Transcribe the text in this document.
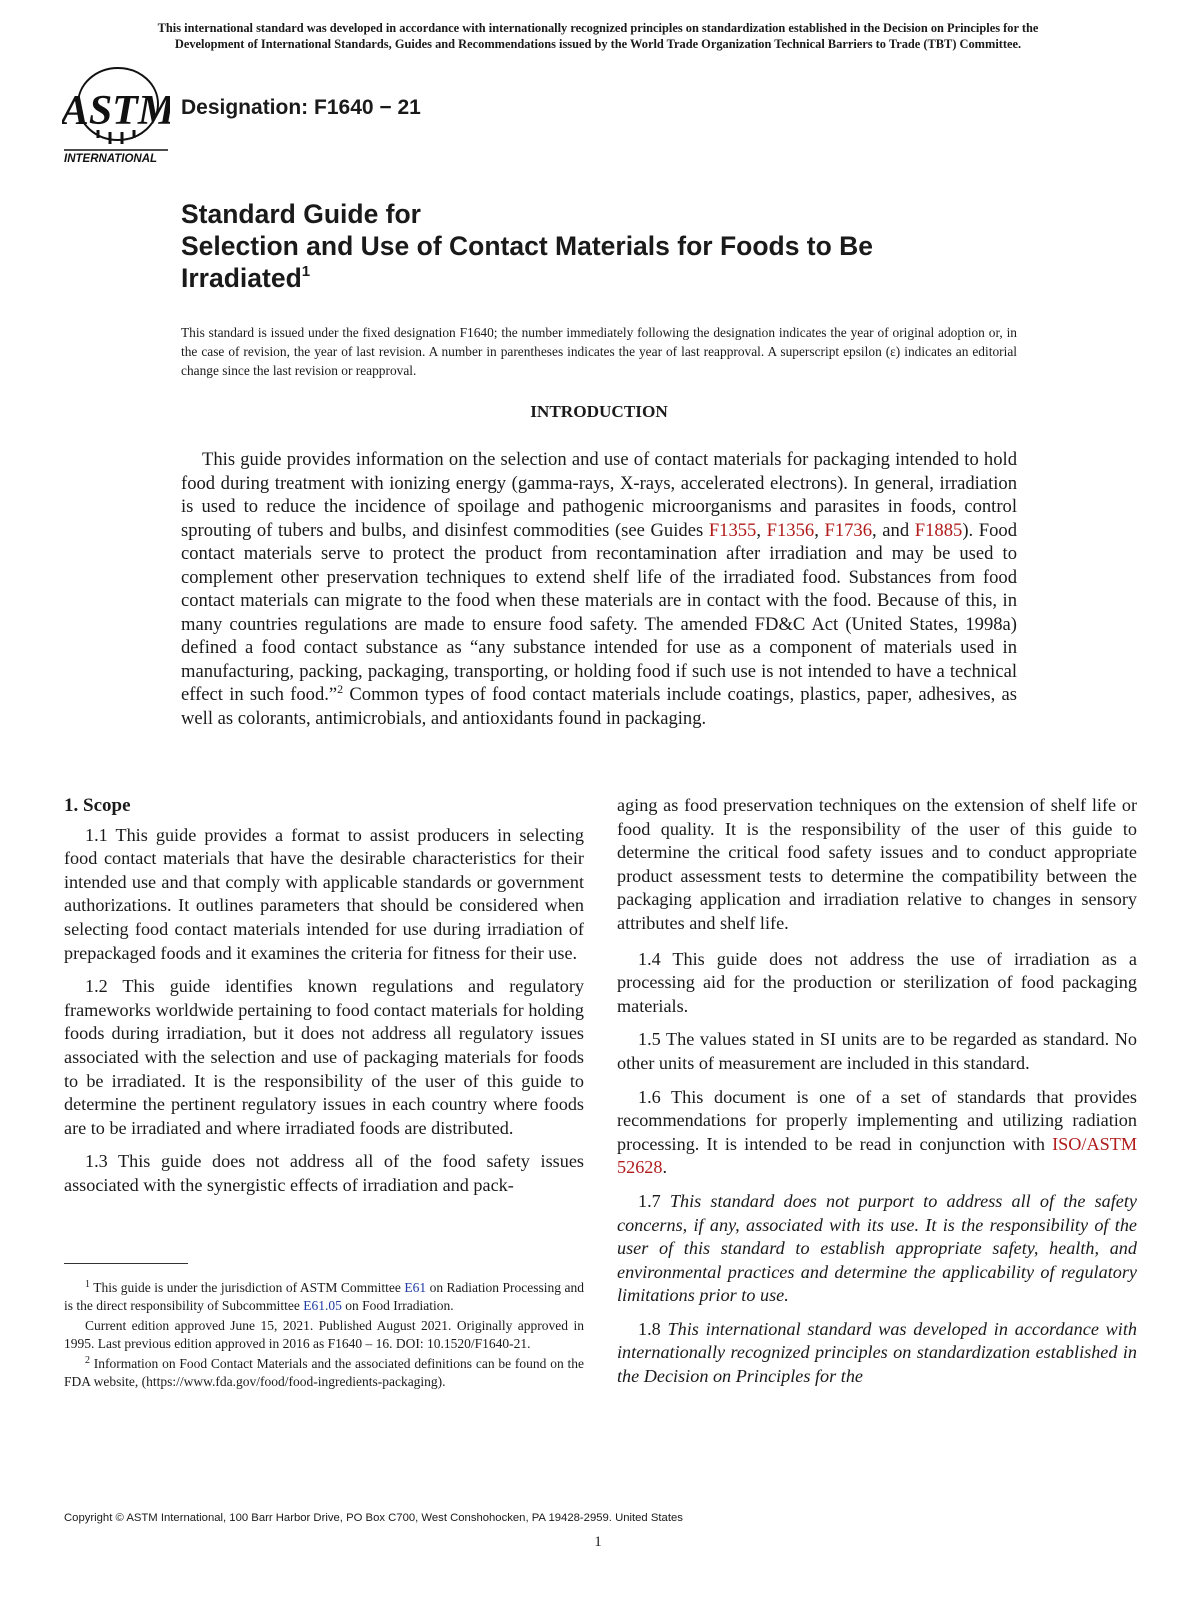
This international standard was developed in accordance with internationally recognized principles on standardization established in the Decision on Principles for the
Development of International Standards, Guides and Recommendations issued by the World Trade Organization Technical Barriers to Trade (TBT) Committee.
ASTM
INTERNATIONAL
Designation: F1640 − 21
Standard Guide for
Selection and Use of Contact Materials for Foods to Be
Irradiated$^1$
This standard is issued under the fixed designation F1640; the number immediately following the designation indicates the year of original adoption or, in the case of revision, the year of last revision. A number in parentheses indicates the year of last reapproval. A superscript epsilon (ε) indicates an editorial change since the last revision or reapproval.
INTRODUCTION

This guide provides information on the selection and use of contact materials for packaging intended to hold food during treatment with ionizing energy (gamma-rays, X-rays, accelerated electrons). In general, irradiation is used to reduce the incidence of spoilage and pathogenic microorganisms and parasites in foods, control sprouting of tubers and bulbs, and disinfest commodities (see Guides F1355, F1356, F1736, and F1885). Food contact materials serve to protect the product from recontamination after irradiation and may be used to complement other preservation techniques to extend shelf life of the irradiated food. Substances from food contact materials can migrate to the food when these materials are in contact with the food. Because of this, in many countries regulations are made to ensure food safety. The amended FD&C Act (United States, 1998a) defined a food contact substance as “any substance intended for use as a component of materials used in manufacturing, packing, packaging, transporting, or holding food if such use is not intended to have a technical effect in such food.”$^2$ Common types of food contact materials include coatings, plastics, paper, adhesives, as well as colorants, antimicrobials, and antioxidants found in packaging.

1. Scope

1.1 This guide provides a format to assist producers in selecting food contact materials that have the desirable characteristics for their intended use and that comply with applicable standards or government authorizations. It outlines parameters that should be considered when selecting food contact materials intended for use during irradiation of prepackaged foods and it examines the criteria for fitness for their use.

1.2 This guide identifies known regulations and regulatory frameworks worldwide pertaining to food contact materials for holding foods during irradiation, but it does not address all regulatory issues associated with the selection and use of packaging materials for foods to be irradiated. It is the responsibility of the user of this guide to determine the pertinent regulatory issues in each country where foods are to be irradiated and where irradiated foods are distributed.

1.3 This guide does not address all of the food safety issues associated with the synergistic effects of irradiation and pack-

aging as food preservation techniques on the extension of shelf life or food quality. It is the responsibility of the user of this guide to determine the critical food safety issues and to conduct appropriate product assessment tests to determine the compatibility between the packaging application and irradiation relative to changes in sensory attributes and shelf life.

1.4 This guide does not address the use of irradiation as a processing aid for the production or sterilization of food packaging materials.

1.5 The values stated in SI units are to be regarded as standard. No other units of measurement are included in this standard.

1.6 This document is one of a set of standards that provides recommendations for properly implementing and utilizing radiation processing. It is intended to be read in conjunction with ISO/ASTM 52628.

1.7 This standard does not purport to address all of the safety concerns, if any, associated with its use. It is the responsibility of the user of this standard to establish appropriate safety, health, and environmental practices and determine the applicability of regulatory limitations prior to use.

1.8 This international standard was developed in accordance with internationally recognized principles on standardization established in the Decision on Principles for the

$^1$ This guide is under the jurisdiction of ASTM Committee E61 on Radiation Processing and is the direct responsibility of Subcommittee E61.05 on Food Irradiation.

Current edition approved June 15, 2021. Published August 2021. Originally approved in 1995. Last previous edition approved in 2016 as F1640 – 16. DOI: 10.1520/F1640-21.

$^2$ Information on Food Contact Materials and the associated definitions can be found on the FDA website, (https://www.fda.gov/food/food-ingredients-packaging).

Copyright © ASTM International, 100 Barr Harbor Drive, PO Box C700, West Conshohocken, PA 19428-2959. United States
1
